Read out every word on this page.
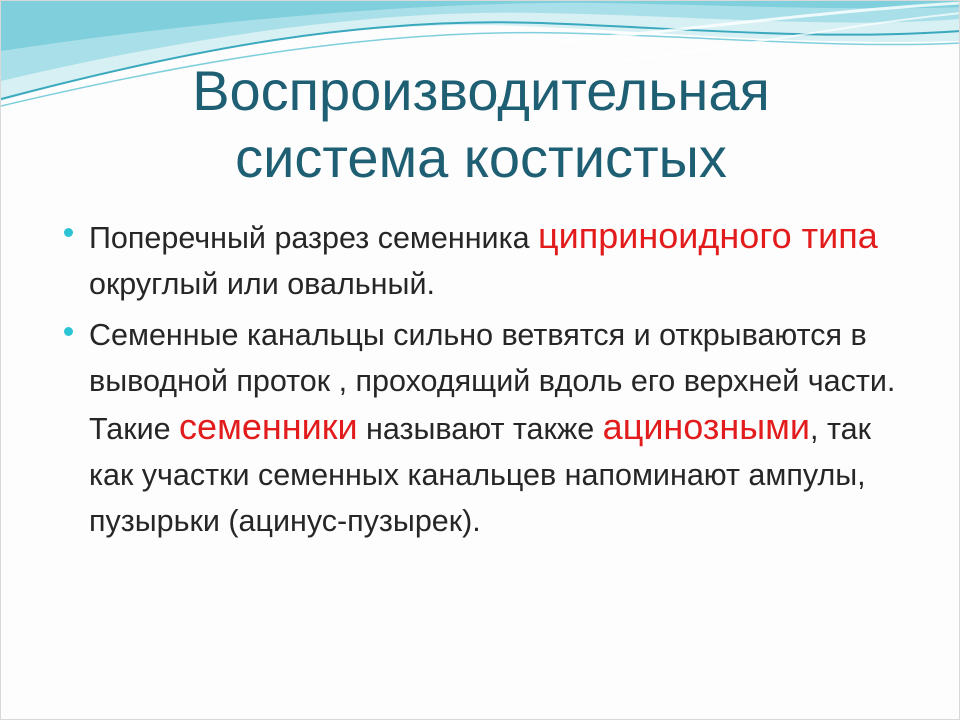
Воспроизводительная
система костистых
Поперечный разрез семенника ципринoидного типа округлый или овальный.
Семенные канальцы сильно ветвятся и открываются в выводной проток , проходящий вдоль его верхней части. Такие семенники называют также ацинозными, так как участки семенных канальцев напоминают ампулы, пузырьки (ацинус-пузырек).
